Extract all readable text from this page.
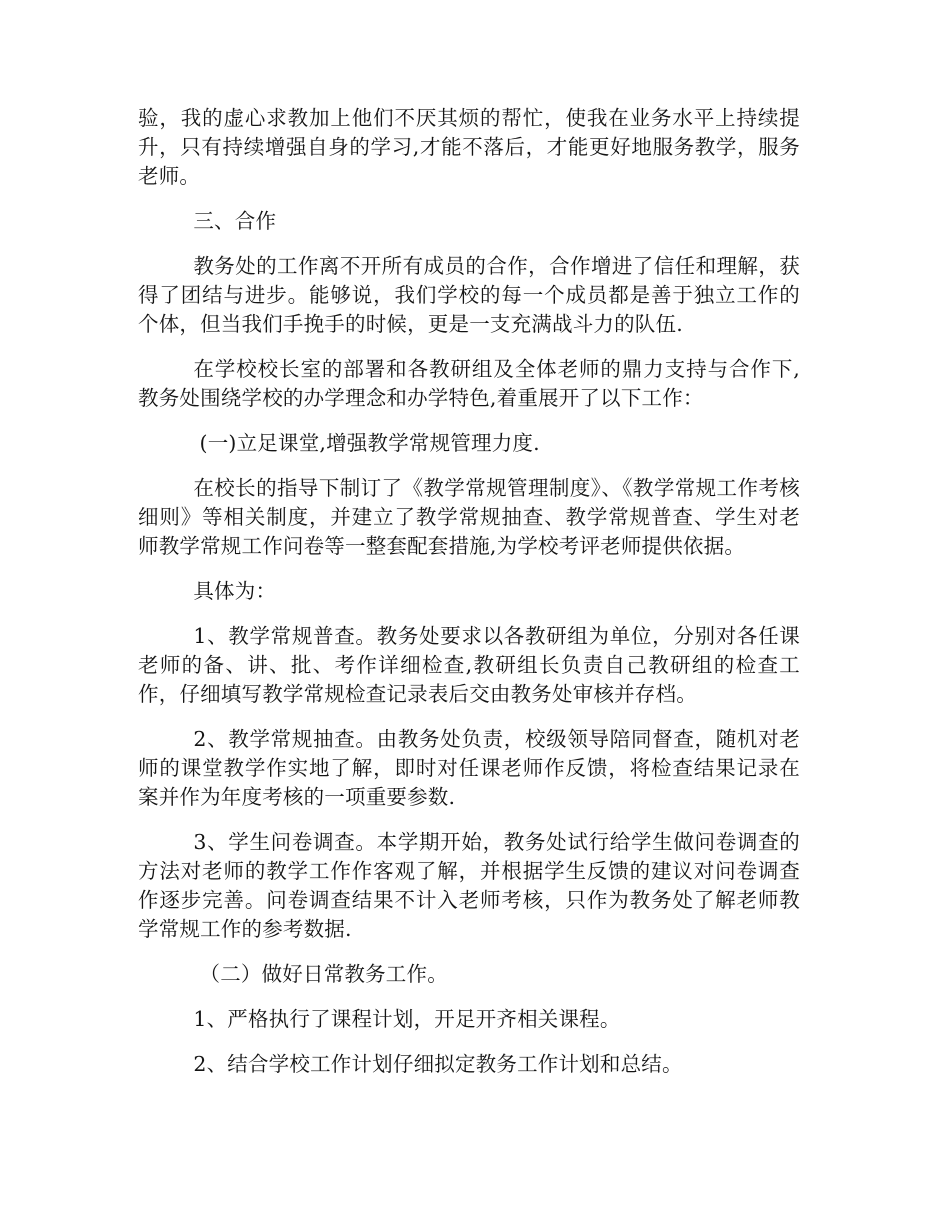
验，我的虚心求教加上他们不厌其烦的帮忙，使我在业务水平上持续提升，只有持续增强自身的学习,才能不落后，才能更好地服务教学，服务老师。

三、合作

教务处的工作离不开所有成员的合作，合作增进了信任和理解，获得了团结与进步。能够说，我们学校的每一个成员都是善于独立工作的个体，但当我们手挽手的时候，更是一支充满战斗力的队伍.

在学校校长室的部署和各教研组及全体老师的鼎力支持与合作下,教务处围绕学校的办学理念和办学特色,着重展开了以下工作：

(一)立足课堂,增强教学常规管理力度.

在校长的指导下制订了《教学常规管理制度》、《教学常规工作考核细则》等相关制度，并建立了教学常规抽查、教学常规普查、学生对老师教学常规工作问卷等一整套配套措施,为学校考评老师提供依据。

具体为：

1、教学常规普查。教务处要求以各教研组为单位，分别对各任课老师的备、讲、批、考作详细检查,教研组长负责自己教研组的检查工作，仔细填写教学常规检查记录表后交由教务处审核并存档。

2、教学常规抽查。由教务处负责，校级领导陪同督查，随机对老师的课堂教学作实地了解，即时对任课老师作反馈，将检查结果记录在案并作为年度考核的一项重要参数.

3、学生问卷调查。本学期开始，教务处试行给学生做问卷调查的方法对老师的教学工作作客观了解，并根据学生反馈的建议对问卷调查作逐步完善。问卷调查结果不计入老师考核，只作为教务处了解老师教学常规工作的参考数据.

（二）做好日常教务工作。

1、严格执行了课程计划，开足开齐相关课程。

2、结合学校工作计划仔细拟定教务工作计划和总结。
